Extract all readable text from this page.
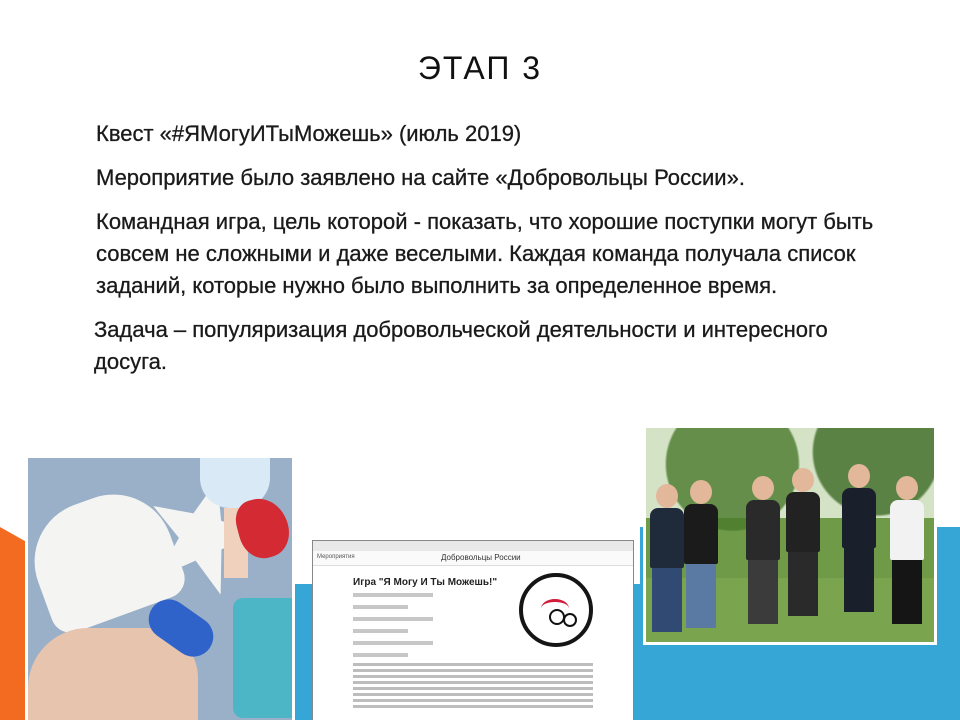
ЭТАП 3

Квест «#ЯМогуИТыМожешь» (июль 2019)

Мероприятие было заявлено на сайте «Добровольцы России».

Командная игра, цель которой - показать, что хорошие поступки могут быть совсем не сложными и даже веселыми. Каждая команда получала список заданий, которые нужно было выполнить за определенное время.

Задача – популяризация добровольческой деятельности и интересного досуга.

Мероприятия	Добровольцы России
Игра "Я Могу И Ты Можешь!"
